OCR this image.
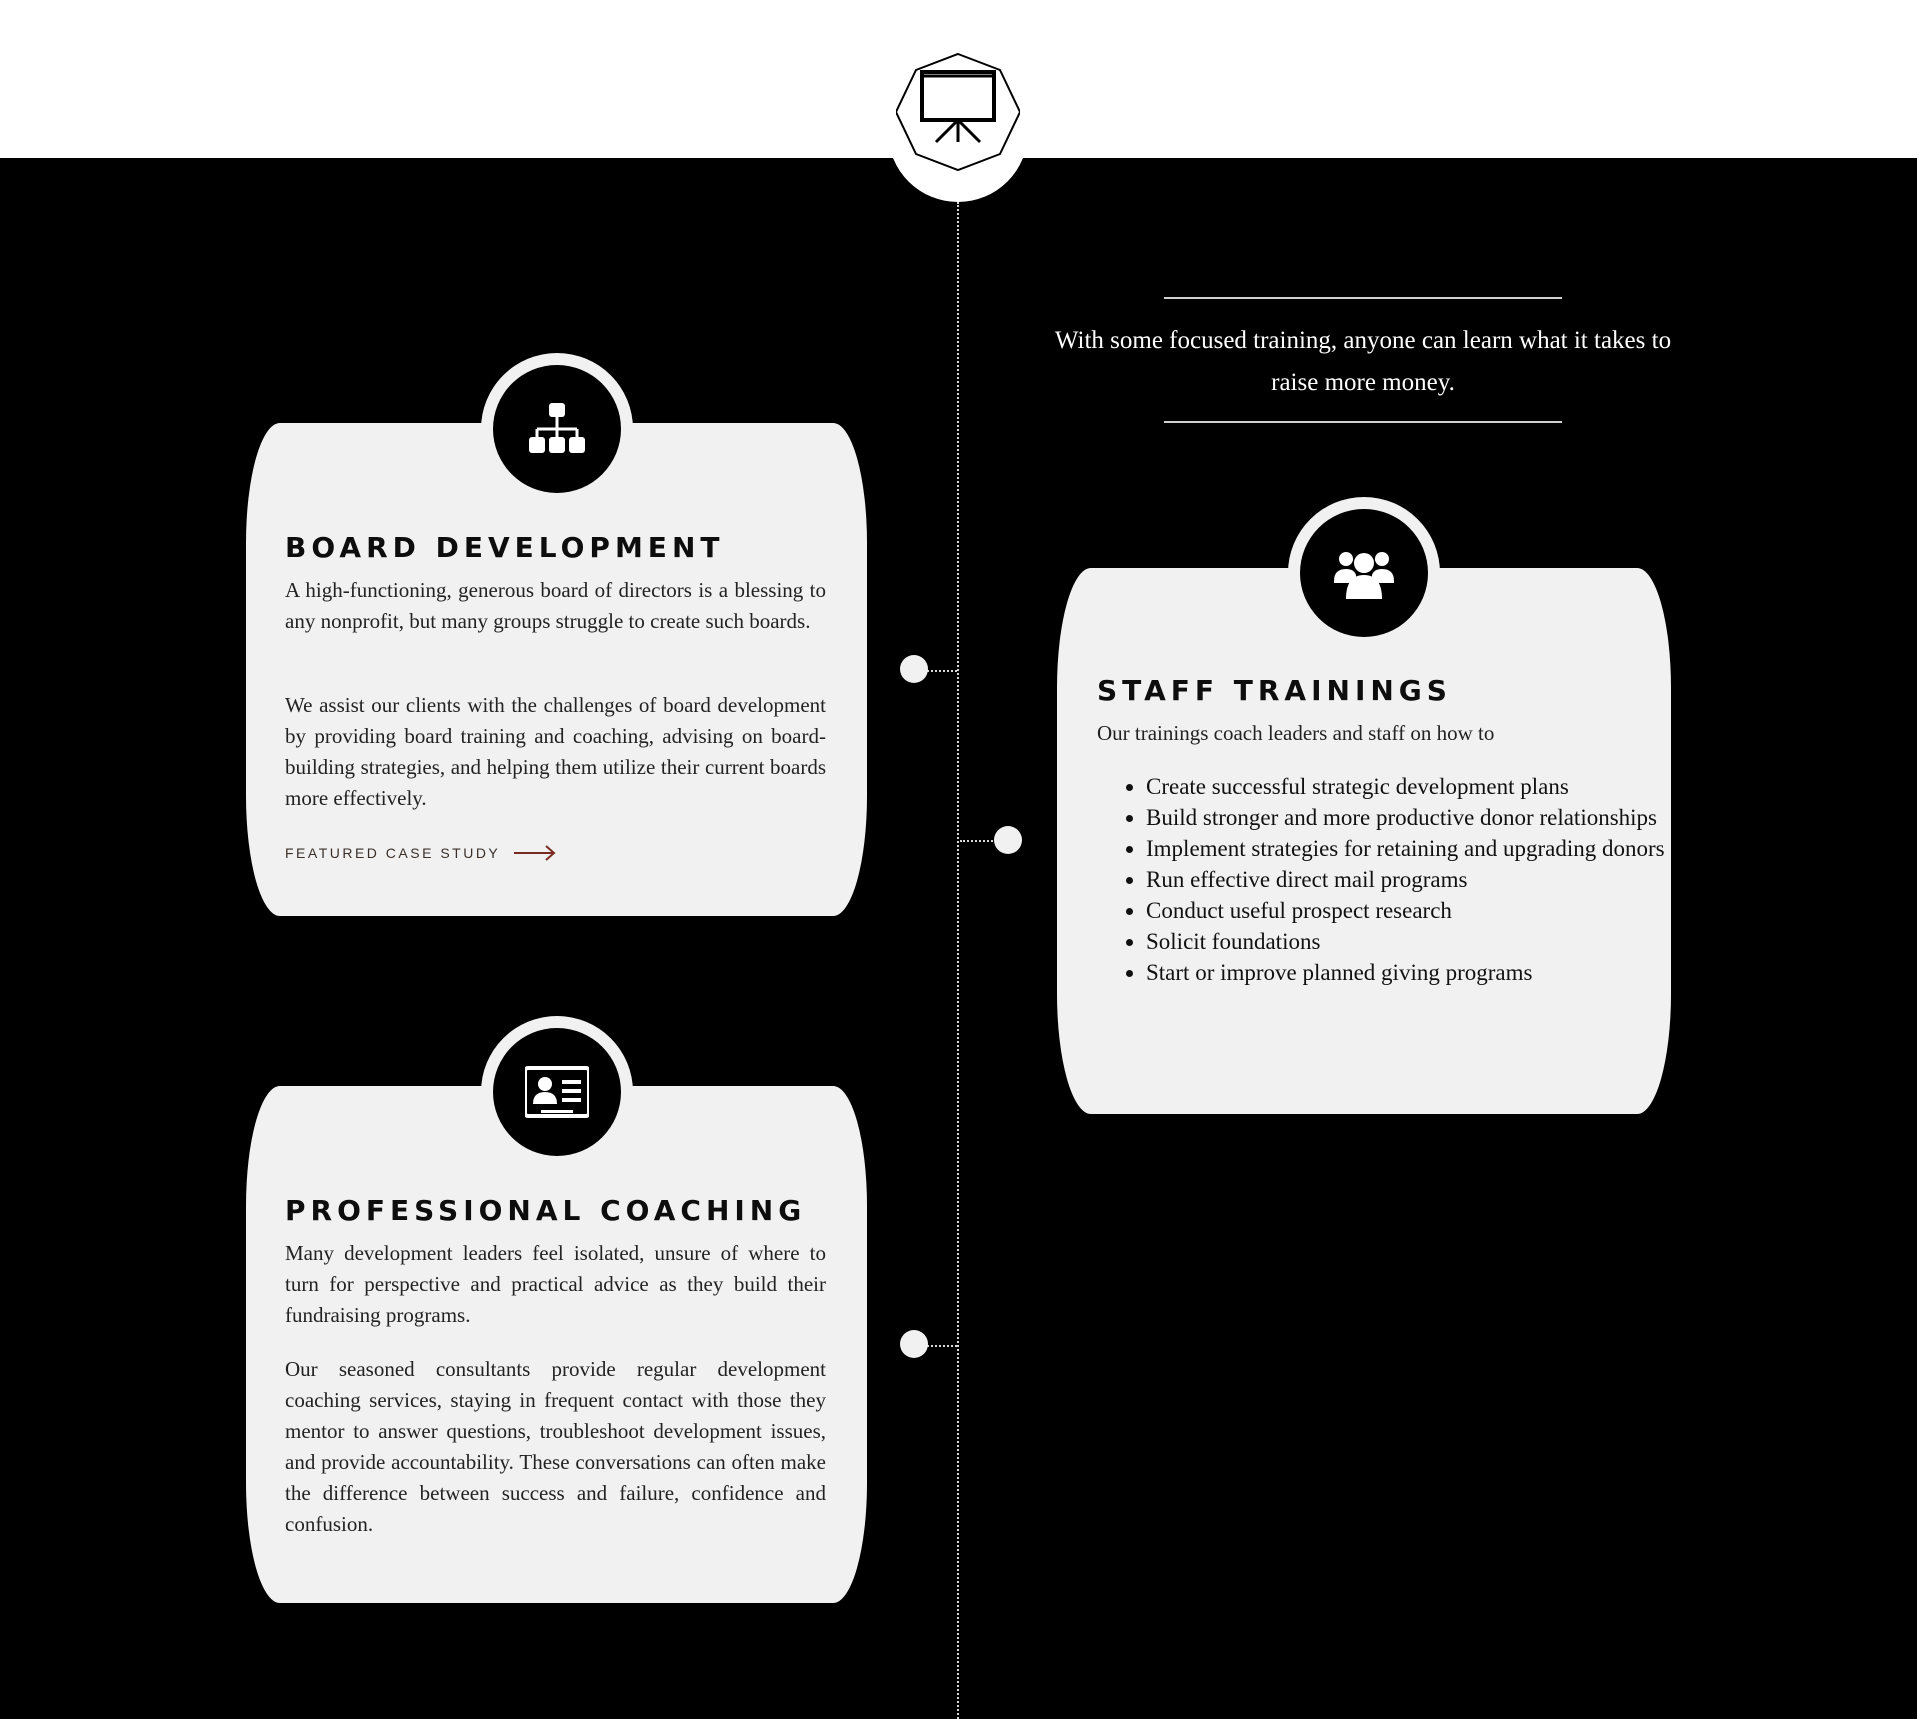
With some focused training, anyone can learn what it takes to raise more money.

BOARD DEVELOPMENT

A high-functioning, generous board of directors is a blessing to any nonprofit, but many groups struggle to create such boards.

We assist our clients with the challenges of board development by providing board training and coaching, advising on board-building strategies, and helping them utilize their current boards more effectively.

FEATURED CASE STUDY
STAFF TRAININGS

Our trainings coach leaders and staff on how to

• Create successful strategic development plans
• Build stronger and more productive donor relationships
• Implement strategies for retaining and upgrading donors
• Run effective direct mail programs
• Conduct useful prospect research
• Solicit foundations
• Start or improve planned giving programs
PROFESSIONAL COACHING

Many development leaders feel isolated, unsure of where to turn for perspective and practical advice as they build their fundraising programs.

Our seasoned consultants provide regular development coaching services, staying in frequent contact with those they mentor to answer questions, troubleshoot development issues, and provide accountability. These conversations can often make the difference between success and failure, confidence and confusion.
